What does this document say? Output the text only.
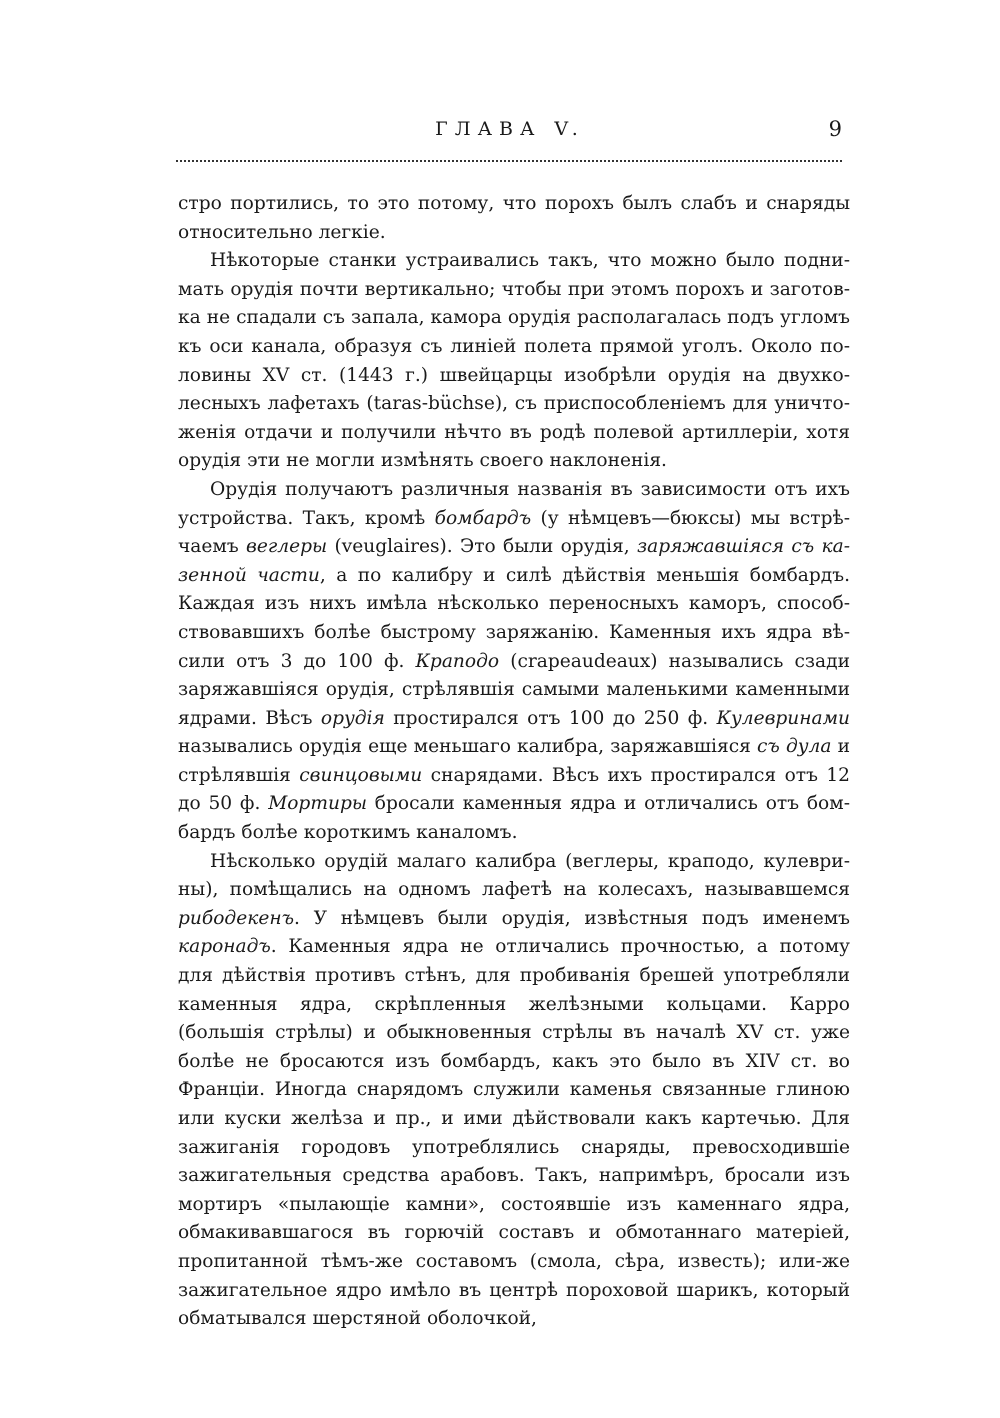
ГЛАВА V.	9

стро портились, то это потому, что порохъ былъ слабъ и снаряды относительно легкіе.

Нѣкоторые станки устраивались такъ, что можно было поднимать орудія почти вертикально; чтобы при этомъ порохъ и заготовка не спадали съ запала, камора орудія располагалась подъ угломъ къ оси канала, образуя съ линіей полета прямой уголъ. Около половины XV ст. (1443 г.) швейцарцы изобрѣли орудія на двухколесныхъ лафетахъ (taras-büchse), съ приспособленіемъ для уничтоженія отдачи и получили нѣчто въ родѣ полевой артиллеріи, хотя орудія эти не могли измѣнять своего наклоненія.

Орудія получаютъ различныя названія въ зависимости отъ ихъ устройства. Такъ, кромѣ бомбардъ (у нѣмцевъ—бюксы) мы встрѣчаемъ веглеры (veuglaires). Это были орудія, заряжавшіяся съ казенной части, а по калибру и силѣ дѣйствія меньшія бомбардъ. Каждая изъ нихъ имѣла нѣсколько переносныхъ каморъ, способствовавшихъ болѣе быстрому заряжанію. Каменныя ихъ ядра вѣсили отъ 3 до 100 ф. Краподо (crapeaudeaux) назывались сзади заряжавшіяся орудія, стрѣлявшія самыми маленькими каменными ядрами. Вѣсъ орудія простирался отъ 100 до 250 ф. Кулевринами назывались орудія еще меньшаго калибра, заряжавшіяся съ дула и стрѣлявшія свинцовыми снарядами. Вѣсъ ихъ простирался отъ 12 до 50 ф. Мортиры бросали каменныя ядра и отличались отъ бомбардъ болѣе короткимъ каналомъ.

Нѣсколько орудій малаго калибра (веглеры, краподо, кулеврины), помѣщались на одномъ лафетѣ на колесахъ, называвшемся рибодекенъ. У нѣмцевъ были орудія, извѣстныя подъ именемъ каронадъ. Каменныя ядра не отличались прочностью, а потому для дѣйствія противъ стѣнъ, для пробиванія брешей употребляли каменныя ядра, скрѣпленныя желѣзными кольцами. Карро (большія стрѣлы) и обыкновенныя стрѣлы въ началѣ XV ст. уже болѣе не бросаются изъ бомбардъ, какъ это было въ XIV ст. во Франціи. Иногда снарядомъ служили каменья связанные глиною или куски желѣза и пр., и ими дѣйствовали какъ картечью. Для зажиганія городовъ употреблялись снаряды, превосходившіе зажигательныя средства арабовъ. Такъ, напримѣръ, бросали изъ мортиръ «пылающіе камни», состоявшіе изъ каменнаго ядра, обмакивавшагося въ горючій составъ и обмотаннаго матеріей, пропитанной тѣмъ-же составомъ (смола, сѣра, известь); или-же зажигательное ядро имѣло въ центрѣ пороховой шарикъ, который обматывался шерстяной оболочкой,
